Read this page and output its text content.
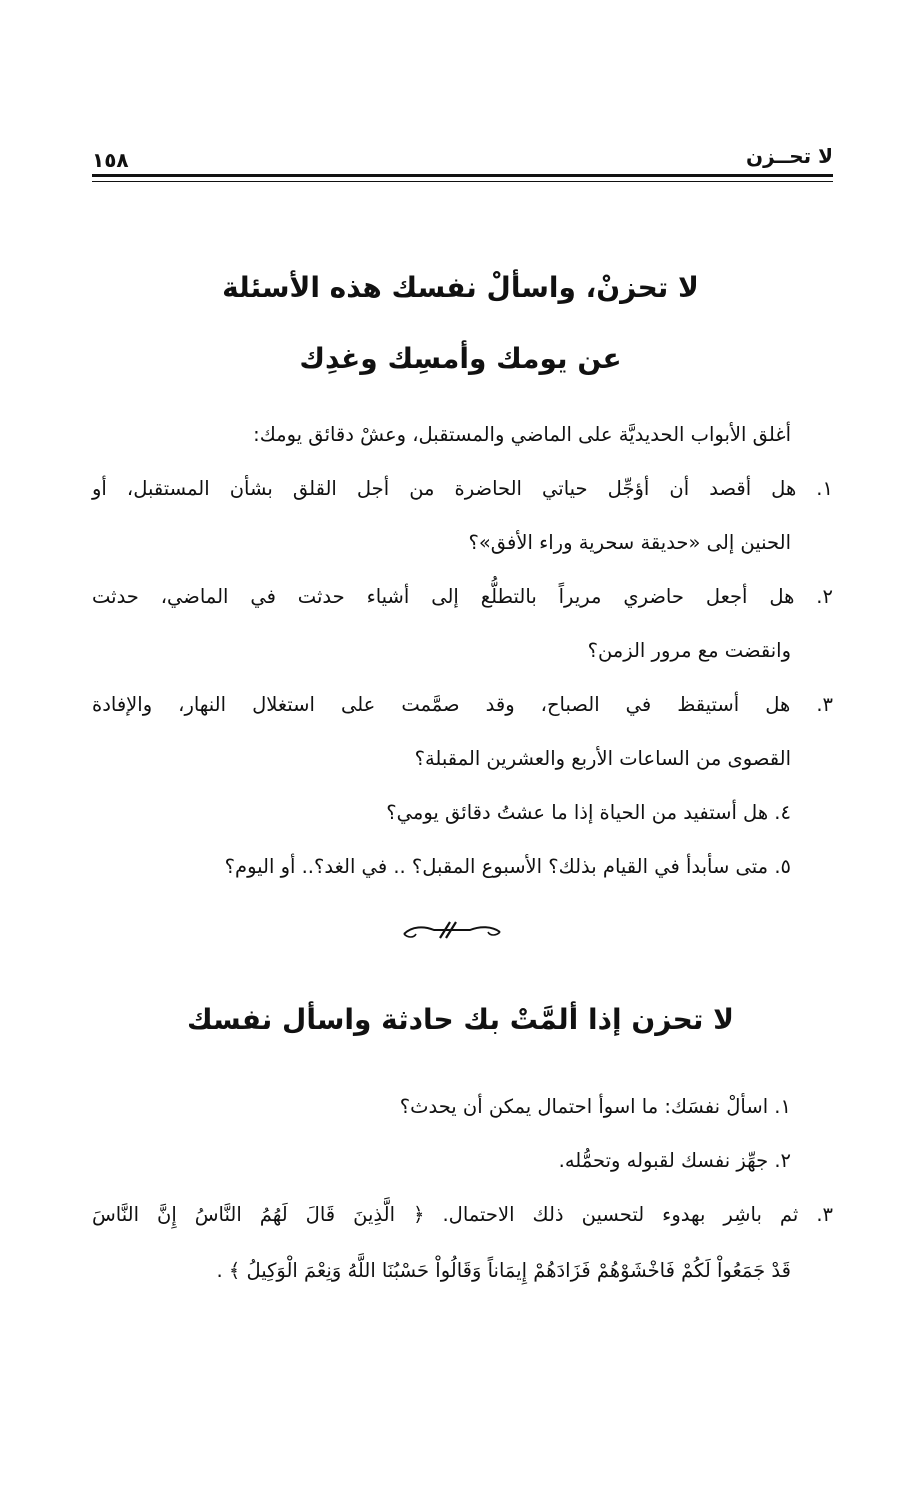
لا تحــزن
١٥٨
لا تحزنْ، واسألْ نفسك هذه الأسئلة
عن يومك وأمسِك وغدِك
أغلق الأبواب الحديديَّة على الماضي والمستقبل، وعشْ دقائق يومك:
١. هل أقصد أن أؤجِّل حياتي الحاضرة من أجل القلق بشأن المستقبل، أو
الحنين إلى «حديقة سحرية وراء الأفق»؟
٢. هل أجعل حاضري مريراً بالتطلُّع إلى أشياء حدثت في الماضي، حدثت
وانقضت مع مرور الزمن؟
٣. هل أستيقظ في الصباح، وقد صمَّمت على استغلال النهار، والإفادة
القصوى من الساعات الأربع والعشرين المقبلة؟
٤. هل أستفيد من الحياة إذا ما عشتُ دقائق يومي؟
٥. متى سأبدأ في القيام بذلك؟ الأسبوع المقبل؟ .. في الغد؟.. أو اليوم؟
لا تحزن إذا ألمَّتْ بك حادثة واسأل نفسك
١. اسألْ نفسَك: ما اسوأ احتمال يمكن أن يحدث؟
٢. جهِّز نفسك لقبوله وتحمُّله.
٣. ثم باشِر بهدوء لتحسين ذلك الاحتمال. ﴿ الَّذِينَ قَالَ لَهُمُ النَّاسُ إِنَّ النَّاسَ
قَدْ جَمَعُواْ لَكُمْ فَاخْشَوْهُمْ فَزَادَهُمْ إِيمَاناً وَقَالُواْ حَسْبُنَا اللَّهُ وَنِعْمَ الْوَكِيلُ ﴾ .
